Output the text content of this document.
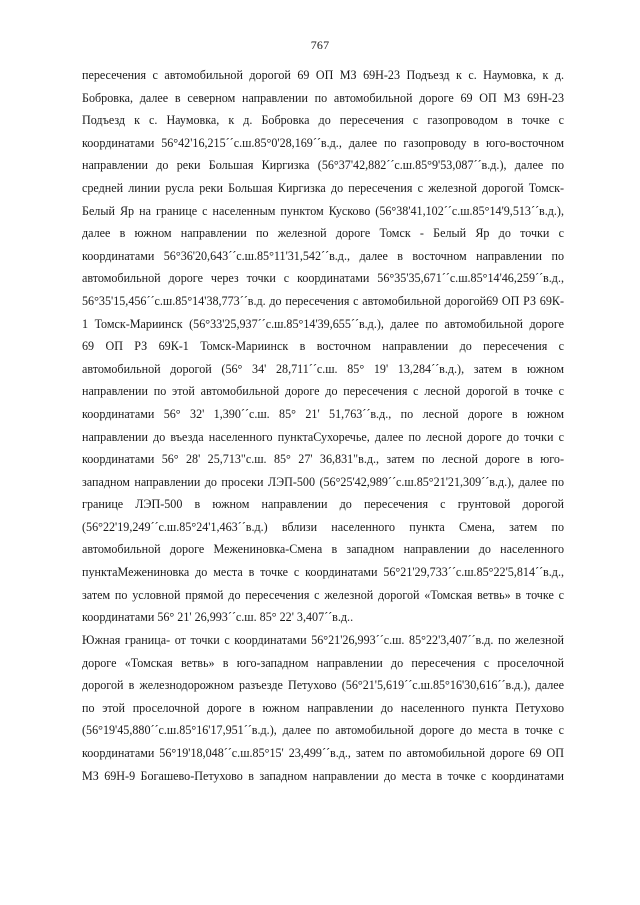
767
пересечения с автомобильной дорогой 69 ОП МЗ 69Н-23 Подъезд к с. Наумовка, к д.
Бобровка, далее в северном направлении по автомобильной дороге 69 ОП МЗ 69Н-23
Подъезд к с. Наумовка, к д. Бобровка до пересечения с газопроводом в точке с
координатами 56°42'16,215´´с.ш.85°0'28,169´´в.д., далее по газопроводу в юго-восточном
направлении до реки Большая Киргизка (56°37'42,882´´с.ш.85°9'53,087´´в.д.), далее по
средней линии русла реки Большая Киргизка до пересечения с железной дорогой Томск-
Белый Яр на границе с населенным пунктом Кусково (56°38'41,102´´с.ш.85°14'9,513´´в.д.),
далее в южном направлении по железной дороге Томск - Белый Яр до точки с
координатами 56°36'20,643´´с.ш.85°11'31,542´´в.д., далее в восточном направлении по
автомобильной дороге через точки с координатами 56°35'35,671´´с.ш.85°14'46,259´´в.д.,
56°35'15,456´´с.ш.85°14'38,773´´в.д. до пересечения с автомобильной дорогой69 ОП РЗ 69К-
1 Томск-Мариинск (56°33'25,937´´с.ш.85°14'39,655´´в.д.), далее по автомобильной дороге
69 ОП РЗ 69К-1 Томск-Мариинск в восточном направлении до пересечения с
автомобильной дорогой (56° 34' 28,711´´с.ш. 85° 19' 13,284´´в.д.), затем в южном
направлении по этой автомобильной дороге до пересечения с лесной дорогой в точке с
координатами 56° 32' 1,390´´с.ш. 85° 21' 51,763´´в.д., по лесной дороге в южном
направлении до въезда населенного пунктаСухоречье, далее по лесной дороге до точки с
координатами 56° 28' 25,713"с.ш. 85° 27' 36,831"в.д., затем по лесной дороге в юго-
западном направлении до просеки ЛЭП-500 (56°25'42,989´´с.ш.85°21'21,309´´в.д.), далее по
границе ЛЭП-500 в южном направлении до пересечения с грунтовой дорогой
(56°22'19,249´´с.ш.85°24'1,463´´в.д.) вблизи населенного пункта Смена, затем по
автомобильной дороге Межениновка-Смена в западном направлении до населенного
пунктаМежениновка до места в точке с координатами 56°21'29,733´´с.ш.85°22'5,814´´в.д.,
затем по условной прямой до пересечения с железной дорогой «Томская ветвь» в точке с
координатами 56° 21' 26,993´´с.ш. 85° 22' 3,407´´в.д..
Южная граница- от точки с координатами 56°21'26,993´´с.ш. 85°22'3,407´´в.д. по железной
дороге «Томская ветвь» в юго-западном направлении до пересечения с проселочной
дорогой в железнодорожном разъезде Петухово (56°21'5,619´´с.ш.85°16'30,616´´в.д.), далее
по этой проселочной дороге в южном направлении до населенного пункта Петухово
(56°19'45,880´´с.ш.85°16'17,951´´в.д.), далее по автомобильной дороге до места в точке с
координатами 56°19'18,048´´с.ш.85°15' 23,499´´в.д., затем по автомобильной дороге 69 ОП
МЗ 69Н-9 Богашево-Петухово в западном направлении до места в точке с координатами
